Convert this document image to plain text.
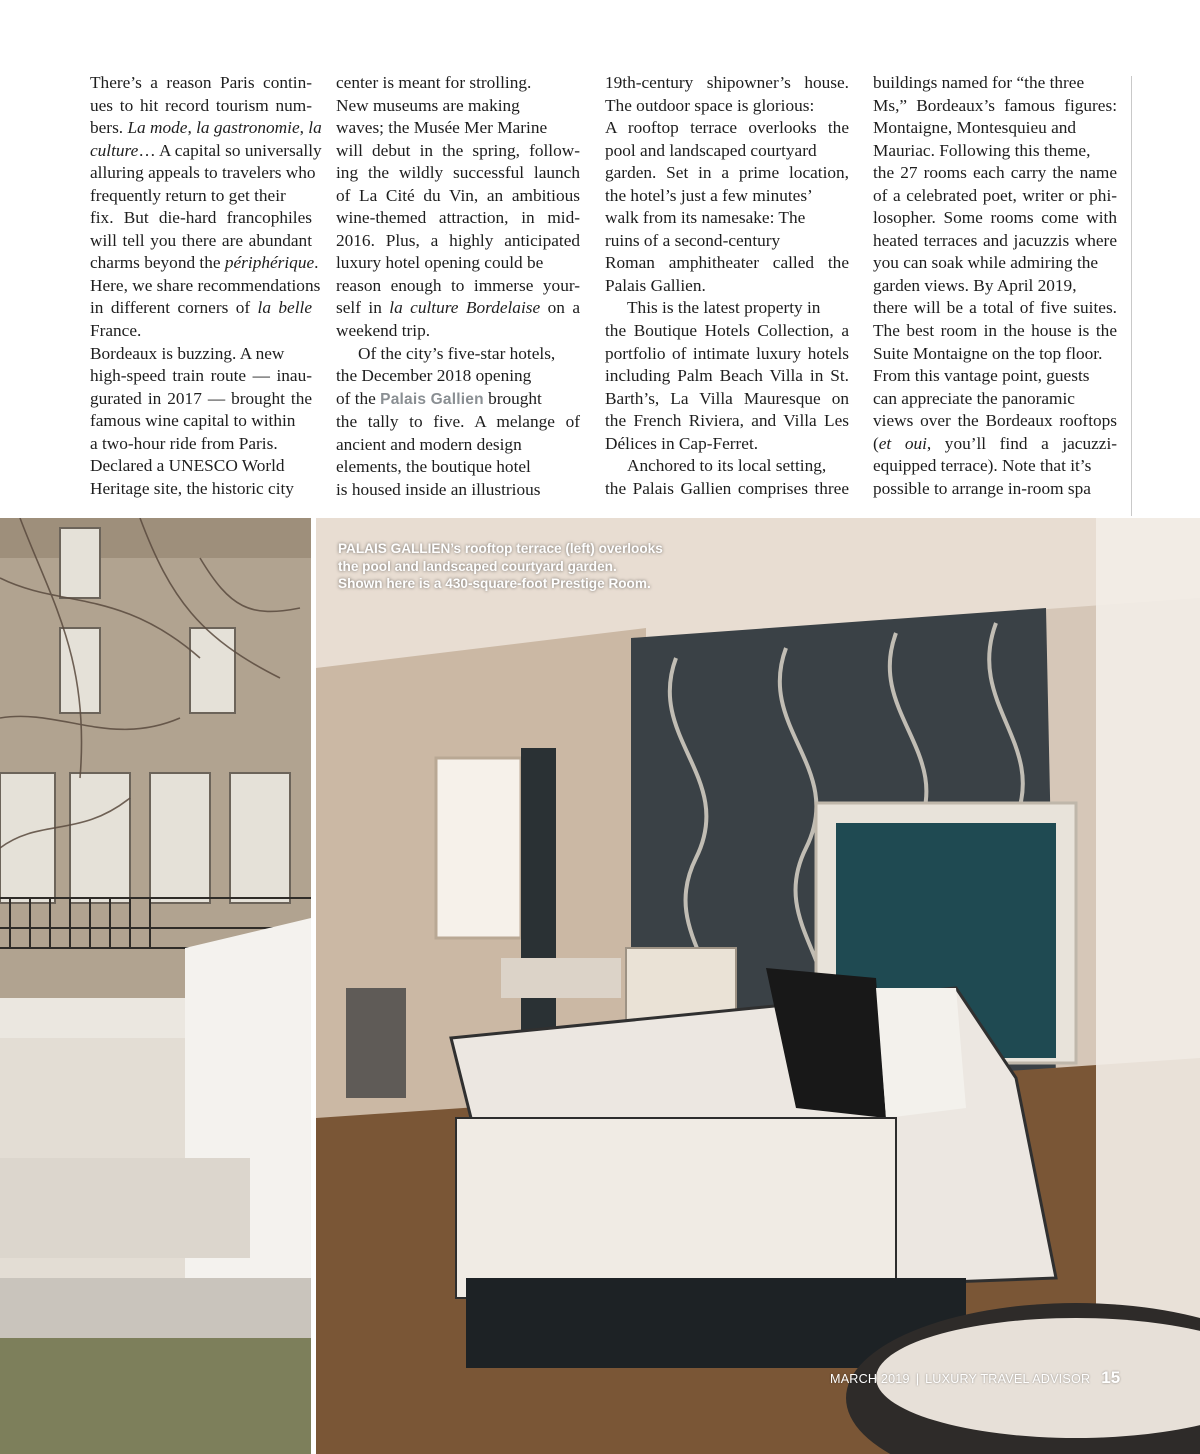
There’s a reason Paris contin-
ues to hit record tourism num-
bers. La mode, la gastronomie, la
culture… A capital so universally
alluring appeals to travelers who
frequently return to get their
fix. But die-hard francophiles
will tell you there are abundant
charms beyond the périphérique.
Here, we share recommendations
in different corners of la belle
France.

Bordeaux is buzzing. A new
high-speed train route — inau-
gurated in 2017 — brought the
famous wine capital to within
a two-hour ride from Paris.
Declared a UNESCO World
Heritage site, the historic city

center is meant for strolling.
New museums are making
waves; the Musée Mer Marine
will debut in the spring, follow-
ing the wildly successful launch
of La Cité du Vin, an ambitious
wine-themed attraction, in mid-
2016. Plus, a highly anticipated
luxury hotel opening could be
reason enough to immerse your-
self in la culture Bordelaise on a
weekend trip.

Of the city’s five-star hotels,
the December 2018 opening
of the Palais Gallien brought
the tally to five. A melange of
ancient and modern design
elements, the boutique hotel
is housed inside an illustrious

19th-century shipowner’s house.
The outdoor space is glorious:
A rooftop terrace overlooks the
pool and landscaped courtyard
garden. Set in a prime location,
the hotel’s just a few minutes’
walk from its namesake: The
ruins of a second-century
Roman amphitheater called the
Palais Gallien.

This is the latest property in
the Boutique Hotels Collection, a
portfolio of intimate luxury hotels
including Palm Beach Villa in St.
Barth’s, La Villa Mauresque on
the French Riviera, and Villa Les
Délices in Cap-Ferret.

Anchored to its local setting,
the Palais Gallien comprises three

buildings named for “the three
Ms,” Bordeaux’s famous figures:
Montaigne, Montesquieu and
Mauriac. Following this theme,
the 27 rooms each carry the name
of a celebrated poet, writer or phi-
losopher. Some rooms come with
heated terraces and jacuzzis where
you can soak while admiring the
garden views. By April 2019,
there will be a total of five suites.
The best room in the house is the
Suite Montaigne on the top floor.
From this vantage point, guests
can appreciate the panoramic
views over the Bordeaux rooftops
(et oui, you’ll find a jacuzzi-
equipped terrace). Note that it’s
possible to arrange in-room spa

PALAIS GALLIEN’s rooftop terrace (left) overlooks
the pool and landscaped courtyard garden.
Shown here is a 430-square-foot Prestige Room.
MARCH 2019 | LUXURY TRAVEL ADVISOR 15
